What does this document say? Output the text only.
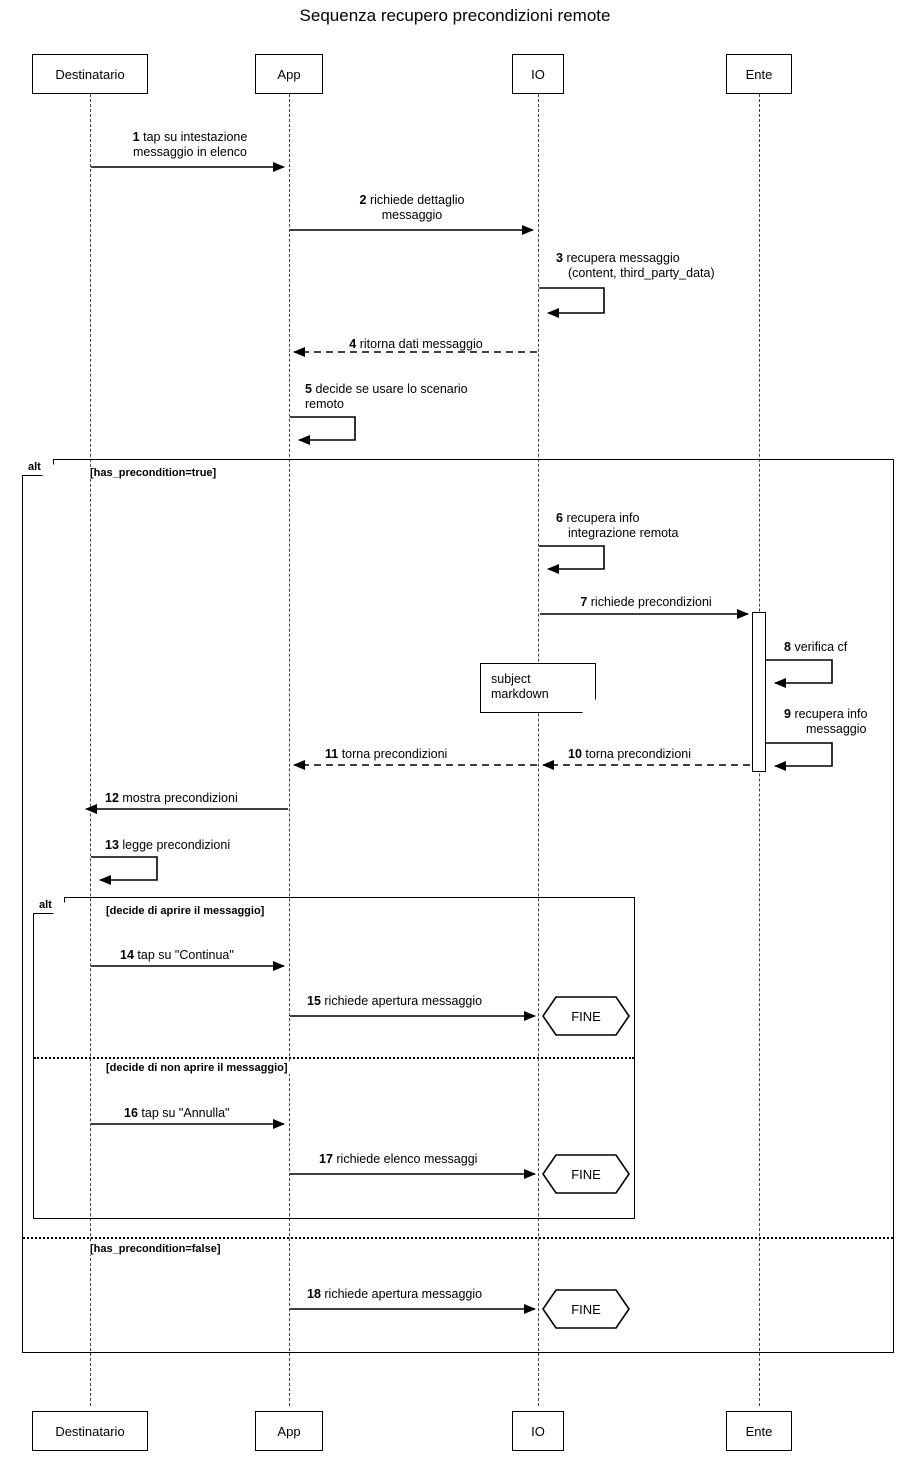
Sequenza recupero precondizioni remote
Destinatario	App	IO	Ente
Destinatario	App	IO	Ente
alt	[has_precondition=true]
[has_precondition=false]
alt	[decide di aprire il messaggio]
[decide di non aprire il messaggio]
subject
markdown
FINE
FINE
FINE
1 tap su intestazione
messaggio in elenco
2 richiede dettaglio
messaggio
3 recupera messaggio
(content, third_party_data)
4 ritorna dati messaggio
5 decide se usare lo scenario
remoto
6 recupera info
integrazione remota
7 richiede precondizioni
8 verifica cf
9 recupera info
messaggio
10 torna precondizioni
11 torna precondizioni
12 mostra precondizioni
13 legge precondizioni
14 tap su "Continua"
15 richiede apertura messaggio
16 tap su "Annulla"
17 richiede elenco messaggi
18 richiede apertura messaggio
